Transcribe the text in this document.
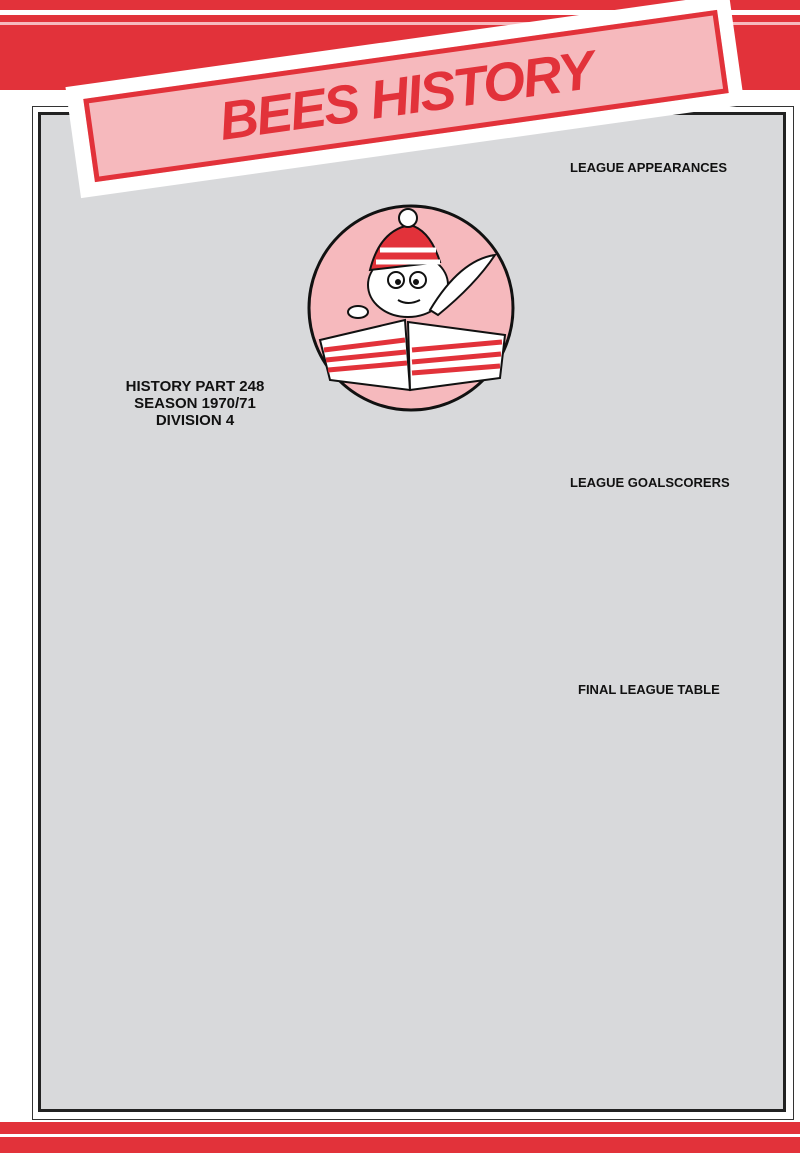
BEES HISTORY
HISTORY PART 248
SEASON 1970/71
DIVISION 4
LEAGUE APPEARANCES
LEAGUE GOALSCORERS
FINAL LEAGUE TABLE
